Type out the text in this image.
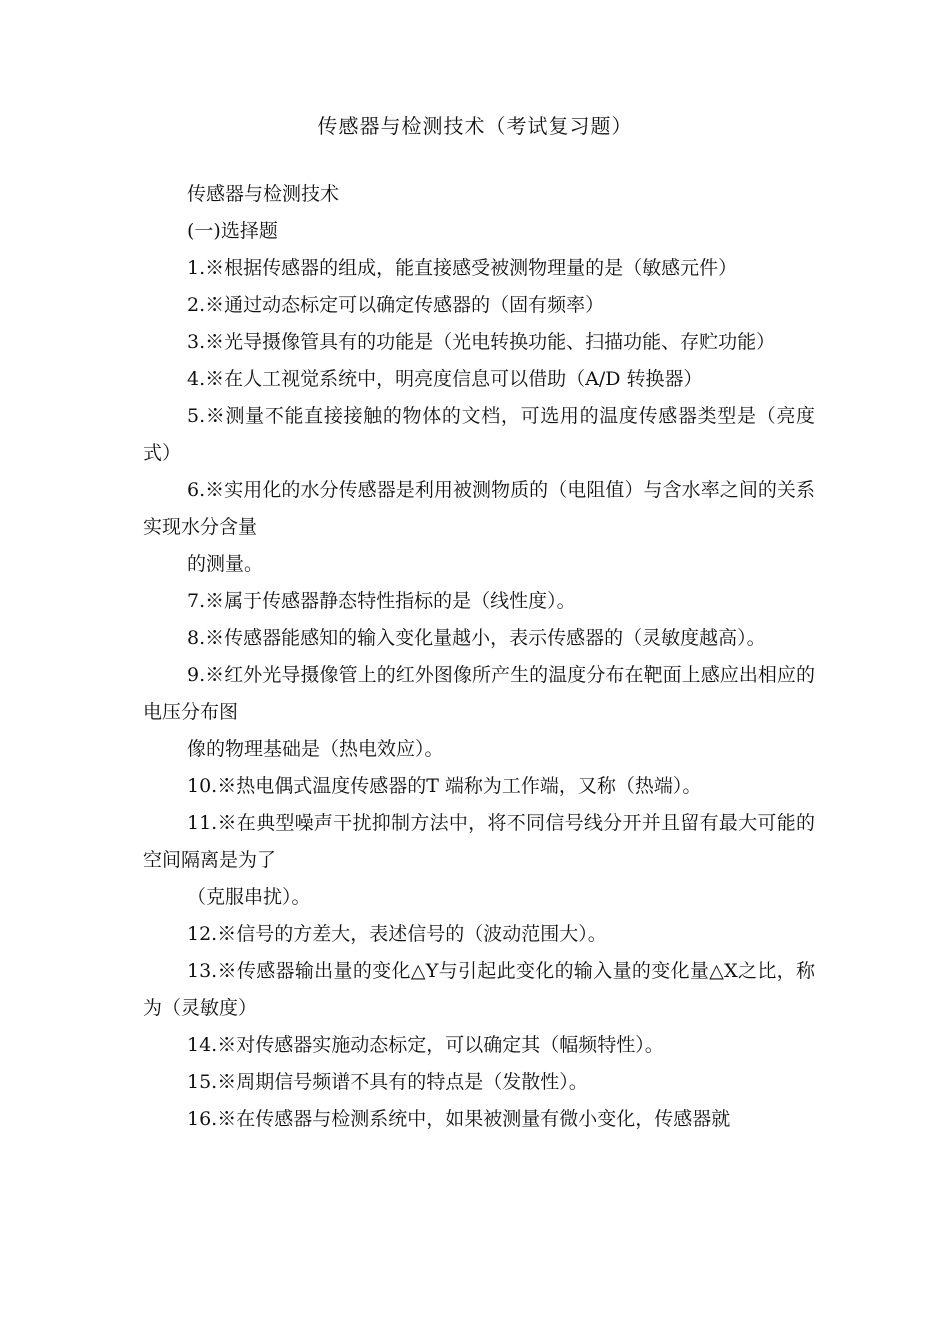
传感器与检测技术（考试复习题）

传感器与检测技术

(一)选择题

1.※根据传感器的组成，能直接感受被测物理量的是（敏感元件）

2.※通过动态标定可以确定传感器的（固有频率）

3.※光导摄像管具有的功能是（光电转换功能、扫描功能、存贮功能）

4.※在人工视觉系统中，明亮度信息可以借助（A/D 转换器）

5.※测量不能直接接触的物体的文档，可选用的温度传感器类型是（亮度式）

6.※实用化的水分传感器是利用被测物质的（电阻值）与含水率之间的关系实现水分含量

的测量。

7.※属于传感器静态特性指标的是（线性度）。

8.※传感器能感知的输入变化量越小，表示传感器的（灵敏度越高）。

9.※红外光导摄像管上的红外图像所产生的温度分布在靶面上感应出相应的电压分布图

像的物理基础是（热电效应）。

10.※热电偶式温度传感器的T 端称为工作端，又称（热端）。

11.※在典型噪声干扰抑制方法中，将不同信号线分开并且留有最大可能的空间隔离是为了

（克服串扰）。

12.※信号的方差大，表述信号的（波动范围大）。

13.※传感器输出量的变化△Y与引起此变化的输入量的变化量△X之比，称为（灵敏度）

14.※对传感器实施动态标定，可以确定其（幅频特性）。

15.※周期信号频谱不具有的特点是（发散性）。

16.※在传感器与检测系统中，如果被测量有微小变化，传感器就
